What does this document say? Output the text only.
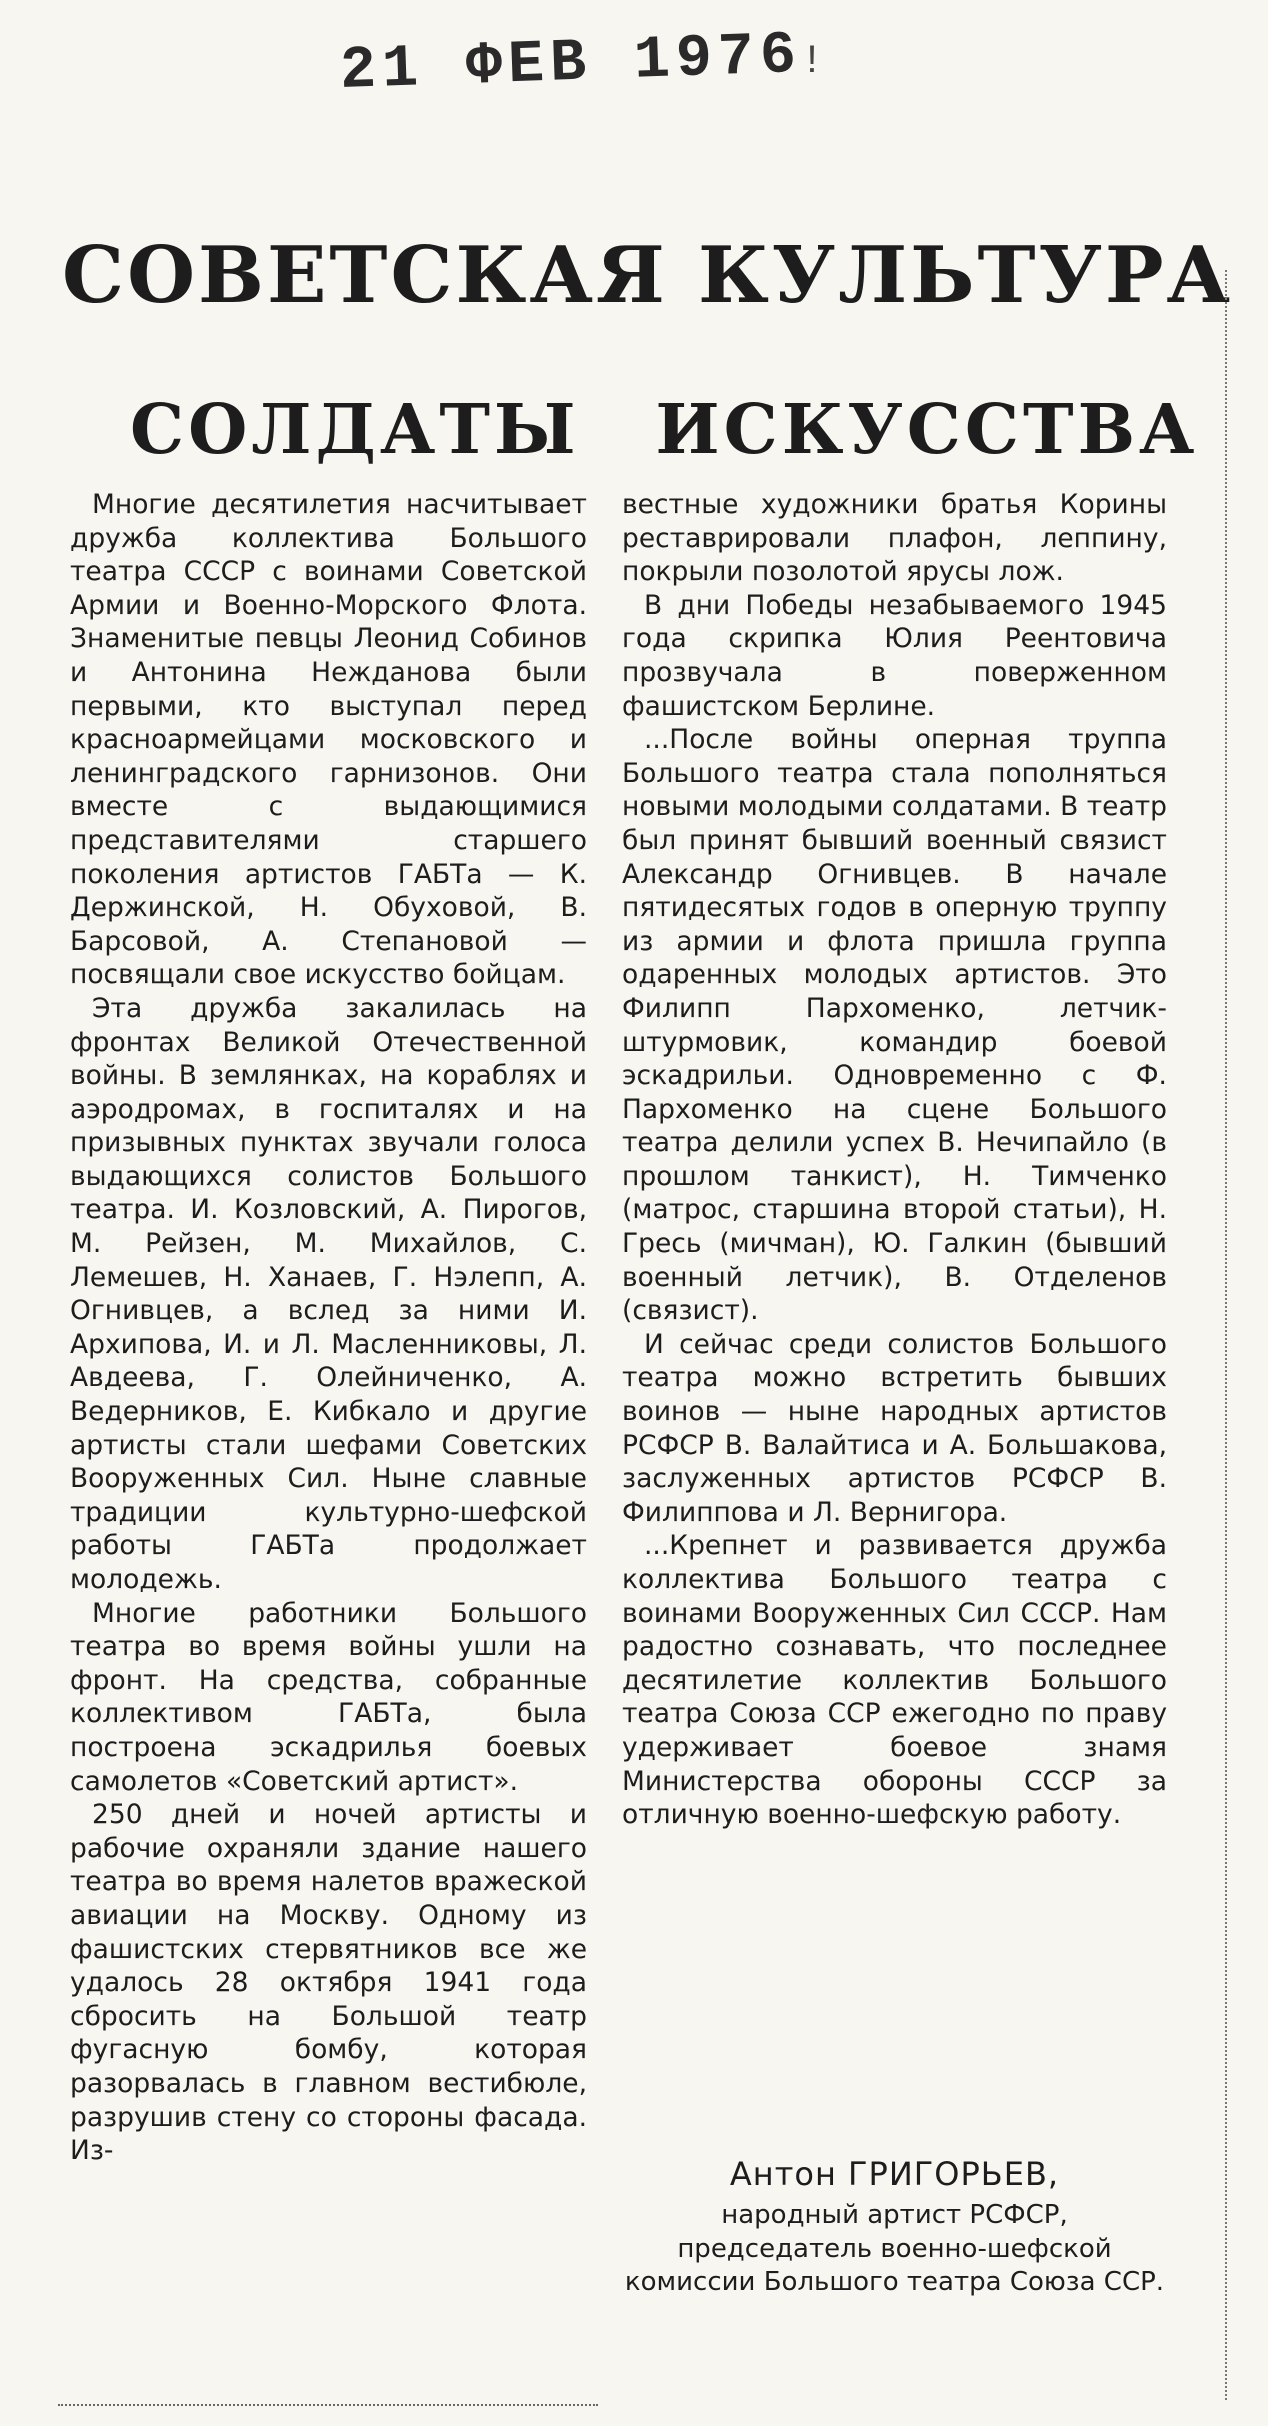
21 ФЕВ 1976
!
СОВЕТСКАЯ КУЛЬТУРА
СОЛДАТЫ ИСКУССТВА

Многие десятилетия насчитывает дружба коллектива Большого театра СССР с воинами Советской Армии и Военно-Морского Флота. Знаменитые певцы Леонид Собинов и Антонина Нежданова были первыми, кто выступал перед красноармейцами московского и ленинградского гарнизонов. Они вместе с выдающимися представителями старшего поколения артистов ГАБТа — К. Держинской, Н. Обуховой, В. Барсовой, А. Степановой — посвящали свое искусство бойцам.

Эта дружба закалилась на фронтах Великой Отечественной войны. В землянках, на кораблях и аэродромах, в госпиталях и на призывных пунктах звучали голоса выдающихся солистов Большого театра. И. Козловский, А. Пирогов, М. Рейзен, М. Михайлов, С. Лемешев, Н. Ханаев, Г. Нэлепп, А. Огнивцев, а вслед за ними И. Архипова, И. и Л. Масленниковы, Л. Авдеева, Г. Олейниченко, А. Ведерников, Е. Кибкало и другие артисты стали шефами Советских Вооруженных Сил. Ныне славные традиции культурно-шефской работы ГАБТа продолжает молодежь.

Многие работники Большого театра во время войны ушли на фронт. На средства, собранные коллективом ГАБТа, была построена эскадрилья боевых самолетов «Советский артист».

250 дней и ночей артисты и рабочие охраняли здание нашего театра во время налетов вражеской авиации на Москву. Одному из фашистских стервятников все же удалось 28 октября 1941 года сбросить на Большой театр фугасную бомбу, которая разорвалась в главном вестибюле, разрушив стену со стороны фасада. Из-

вестные художники братья Корины реставрировали плафон, леппину, покрыли позолотой ярусы лож.

В дни Победы незабываемого 1945 года скрипка Юлия Реентовича прозвучала в поверженном фашистском Берлине.

...После войны оперная труппа Большого театра стала пополняться новыми молодыми солдатами. В театр был принят бывший военный связист Александр Огнивцев. В начале пятидесятых годов в оперную труппу из армии и флота пришла группа одаренных молодых артистов. Это Филипп Пархоменко, летчик-штурмовик, командир боевой эскадрильи. Одновременно с Ф. Пархоменко на сцене Большого театра делили успех В. Нечипайло (в прошлом танкист), Н. Тимченко (матрос, старшина второй статьи), Н. Гресь (мичман), Ю. Галкин (бывший военный летчик), В. Отделенов (связист).

И сейчас среди солистов Большого театра можно встретить бывших воинов — ныне народных артистов РСФСР В. Валайтиса и А. Большакова, заслуженных артистов РСФСР В. Филиппова и Л. Вернигора.

...Крепнет и развивается дружба коллектива Большого театра с воинами Вооруженных Сил СССР. Нам радостно сознавать, что последнее десятилетие коллектив Большого театра Союза ССР ежегодно по праву удерживает боевое знамя Министерства обороны СССР за отличную военно-шефскую работу.

Антон ГРИГОРЬЕВ,
народный артист РСФСР, председатель военно-шефской комиссии Большого театра Союза ССР.
